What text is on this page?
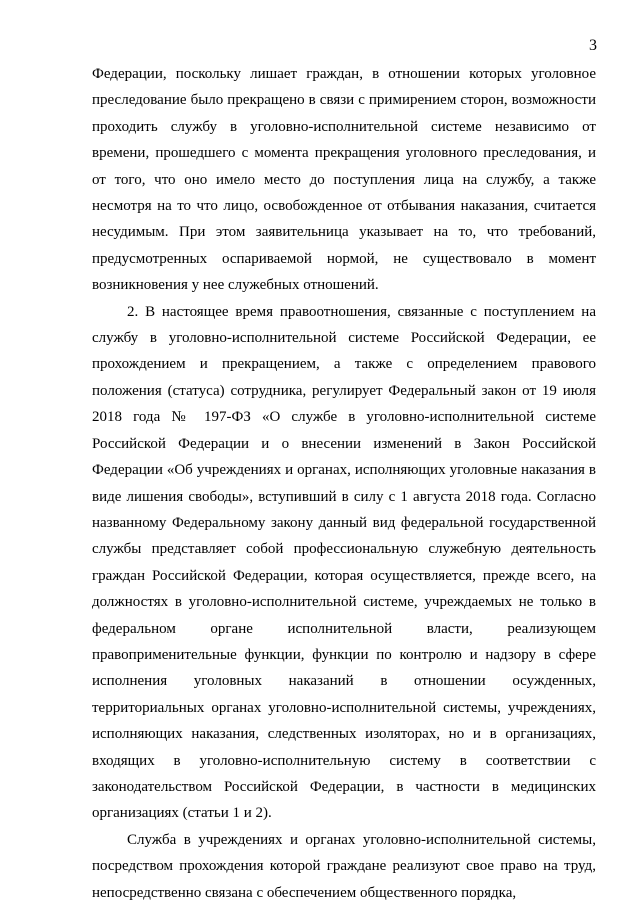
3

Федерации, поскольку лишает граждан, в отношении которых уголовное преследование было прекращено в связи с примирением сторон, возможности проходить службу в уголовно-исполнительной системе независимо от времени, прошедшего с момента прекращения уголовного преследования, и от того, что оно имело место до поступления лица на службу, а также несмотря на то что лицо, освобожденное от отбывания наказания, считается несудимым. При этом заявительница указывает на то, что требований, предусмотренных оспариваемой нормой, не существовало в момент возникновения у нее служебных отношений.

2. В настоящее время правоотношения, связанные с поступлением на службу в уголовно-исполнительной системе Российской Федерации, ее прохождением и прекращением, а также с определением правового положения (статуса) сотрудника, регулирует Федеральный закон от 19 июля 2018 года № 197-ФЗ «О службе в уголовно-исполнительной системе Российской Федерации и о внесении изменений в Закон Российской Федерации «Об учреждениях и органах, исполняющих уголовные наказания в виде лишения свободы», вступивший в силу с 1 августа 2018 года. Согласно названному Федеральному закону данный вид федеральной государственной службы представляет собой профессиональную служебную деятельность граждан Российской Федерации, которая осуществляется, прежде всего, на должностях в уголовно-исполнительной системе, учреждаемых не только в федеральном органе исполнительной власти, реализующем правоприменительные функции, функции по контролю и надзору в сфере исполнения уголовных наказаний в отношении осужденных, территориальных органах уголовно-исполнительной системы, учреждениях, исполняющих наказания, следственных изоляторах, но и в организациях, входящих в уголовно-исполнительную систему в соответствии с законодательством Российской Федерации, в частности в медицинских организациях (статьи 1 и 2).

Служба в учреждениях и органах уголовно-исполнительной системы, посредством прохождения которой граждане реализуют свое право на труд, непосредственно связана с обеспечением общественного порядка,
